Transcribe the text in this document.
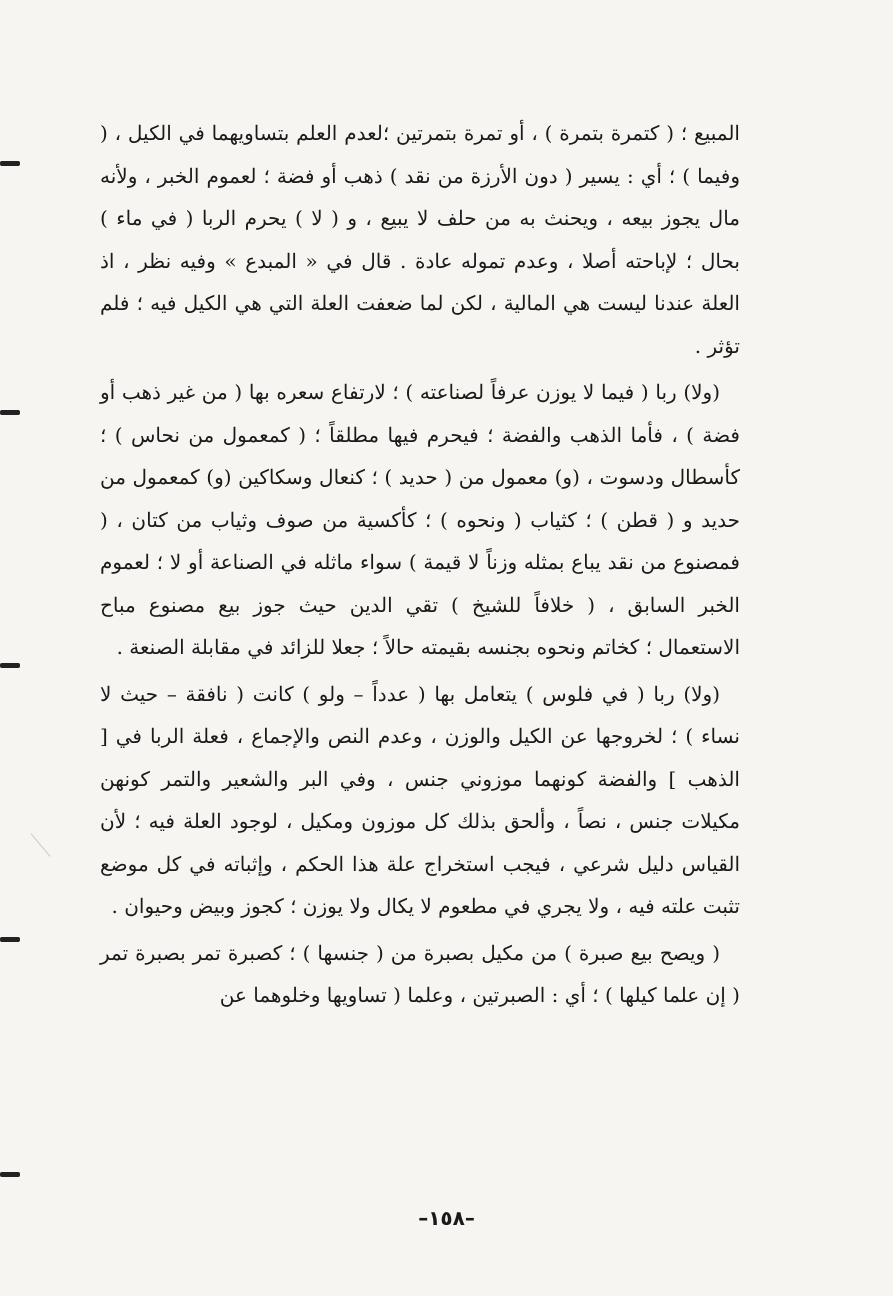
المبيع ؛ ( كتمرة بتمرة ) ، أو تمرة بتمرتين ؛لعدم العلم بتساويهما في الكيل ، ( وفيما ) ؛ أي : يسير ( دون الأرزة من نقد ) ذهب أو فضة ؛ لعموم الخبر ، ولأنه مال يجوز بيعه ، ويحنث به من حلف لا يبيع ، و ( لا ) يحرم الربا ( في ماء ) بحال ؛ لإباحته أصلا ، وعدم تموله عادة . قال في « المبدع » وفيه نظر ، اذ العلة عندنا ليست هي المالية ، لكن لما ضعفت العلة التي هي الكيل فيه ؛ فلم تؤثر .

(ولا) ربا ( فيما لا يوزن عرفاً لصناعته ) ؛ لارتفاع سعره بها ( من غير ذهب أو فضة ) ، فأما الذهب والفضة ؛ فيحرم فيها مطلقاً ؛ ( كمعمول من نحاس ) ؛ كأسطال ودسوت ، (و) معمول من ( حديد ) ؛ كنعال وسكاكين (و) كمعمول من حديد و ( قطن ) ؛ كثياب ( ونحوه ) ؛ كأكسية من صوف وثياب من كتان ، ( فمصنوع من نقد يباع بمثله وزناً لا قيمة ) سواء ماثله في الصناعة أو لا ؛ لعموم الخبر السابق ، ( خلافاً للشيخ ) تقي الدين حيث جوز بيع مصنوع مباح الاستعمال ؛ كخاتم ونحوه بجنسه بقيمته حالاً ؛ جعلا للزائد في مقابلة الصنعة .

(ولا) ربا ( في فلوس ) يتعامل بها ( عدداً – ولو ) كانت ( نافقة – حيث لا نساء ) ؛ لخروجها عن الكيل والوزن ، وعدم النص والإجماع ، فعلة الربا في [ الذهب ] والفضة كونهما موزوني جنس ، وفي البر والشعير والتمر كونهن مكيلات جنس ، نصاً ، وألحق بذلك كل موزون ومكيل ، لوجود العلة فيه ؛ لأن القياس دليل شرعي ، فيجب استخراج علة هذا الحكم ، وإثباته في كل موضع تثبت علته فيه ، ولا يجري في مطعوم لا يكال ولا يوزن ؛ كجوز وبيض وحيوان .

( ويصح بيع صبرة ) من مكيل بصبرة من ( جنسها ) ؛ كصبرة تمر بصبرة تمر ( إن علما كيلها ) ؛ أي : الصبرتين ، وعلما ( تساويها وخلوهما عن

–١٥٨–
